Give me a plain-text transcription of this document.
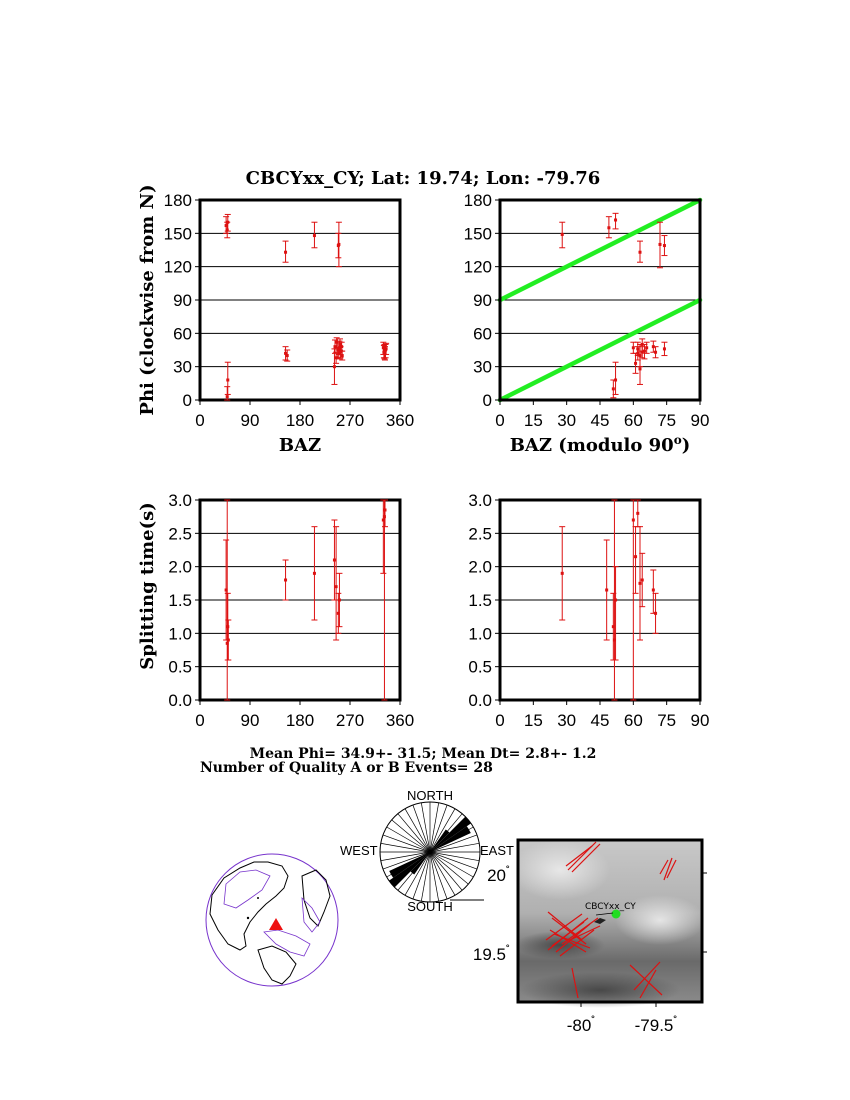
CBCYxx_CY; Lat: 19.74; Lon: -79.76
0
30
60
90
120
150
180
0 90 180 270 360
0
30
60
90
120
150
180
0 15 30 45 60 75 90
0.0
0.5
1.0
1.5
2.0
2.5
3.0
0 90 180 270 360
0.0
0.5
1.0
1.5
2.0
2.5
3.0
0 15 30 45 60 75 90
BAZ	BAZ (modulo 90$^o$)
Phi (clockwise from N)
Splitting time(s)
Mean Phi= 34.9+- 31.5; Mean Dt= 2.8+- 1.2
Number of Quality A or B Events= 28
NORTH
SOUTH
WEST	EAST
CBCYxx_CY
20˚
19.5˚
-80˚ -79.5˚
